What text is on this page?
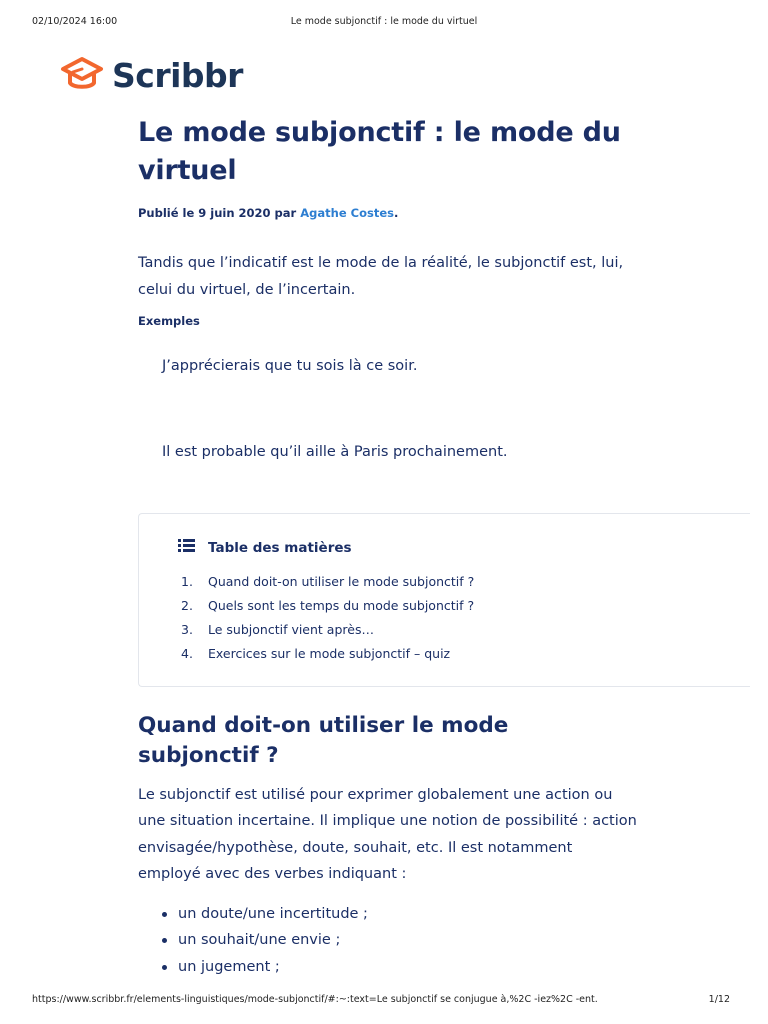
02/10/2024 16:00	Le mode subjonctif : le mode du virtuel
Scribbr
Le mode subjonctif : le mode du virtuel
Publié le 9 juin 2020 par Agathe Costes.

Tandis que l’indicatif est le mode de la réalité, le subjonctif est, lui, celui du virtuel, de l’incertain.

Exemples
J’apprécierais que tu sois là ce soir.
Il est probable qu’il aille à Paris prochainement.
Table des matières
1.	Quand doit-on utiliser le mode subjonctif ?
2.	Quels sont les temps du mode subjonctif ?
3.	Le subjonctif vient après…
4.	Exercices sur le mode subjonctif – quiz
Quand doit-on utiliser le mode subjonctif ?

Le subjonctif est utilisé pour exprimer globalement une action ou une situation incertaine. Il implique une notion de possibilité : action envisagée/hypothèse, doute, souhait, etc. Il est notamment employé avec des verbes indiquant :

un doute/une incertitude ;
un souhait/une envie ;
un jugement ;
https://www.scribbr.fr/elements-linguistiques/mode-subjonctif/#:~:text=Le subjonctif se conjugue à,%2C -iez%2C -ent.	1/12
